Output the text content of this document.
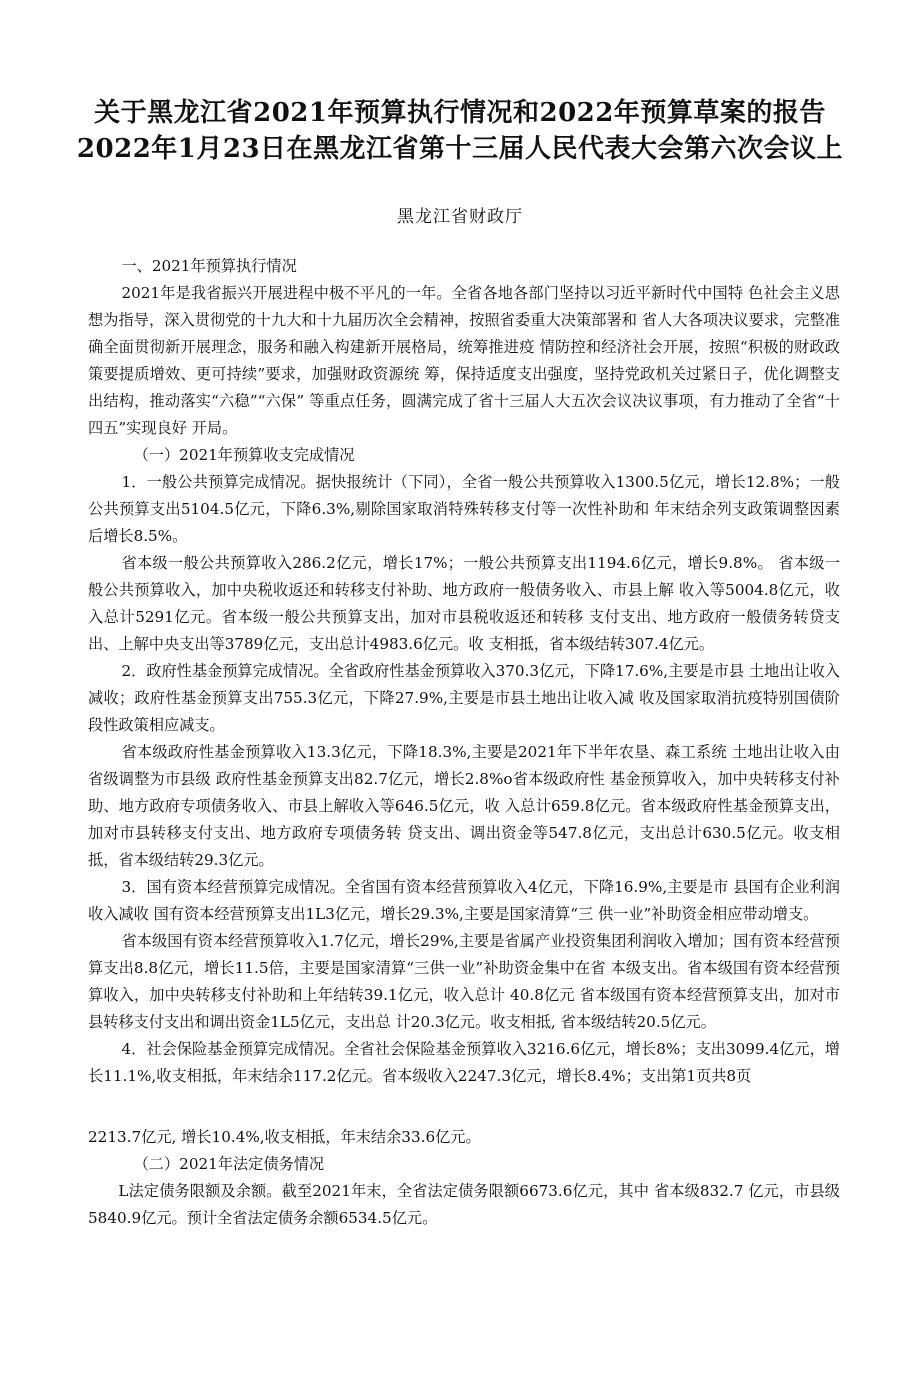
关于黑龙江省2021年预算执行情况和2022年预算草案的报告
2022年1月23日在黑龙江省第十三届人民代表大会第六次会议上
黑龙江省财政厅

一、2021年预算执行情况

2021年是我省振兴开展进程中极不平凡的一年。全省各地各部门坚持以习近平新时代中国特 色社会主义思想为指导，深入贯彻党的十九大和十九届历次全会精神，按照省委重大决策部署和 省人大各项决议要求，完整准确全面贯彻新开展理念，服务和融入构建新开展格局，统筹推进疫 情防控和经济社会开展，按照“积极的财政政策要提质增效、更可持续”要求，加强财政资源统 筹，保持适度支出强度，坚持党政机关过紧日子，优化调整支出结构，推动落实“六稳”“六保” 等重点任务，圆满完成了省十三届人大五次会议决议事项，有力推动了全省“十四五”实现良好 开局。

（一）2021年预算收支完成情况

1．一般公共预算完成情况。据快报统计（下同），全省一般公共预算收入1300.5亿元，增长12.8%；一般公共预算支出5104.5亿元，下降6.3%,剔除国家取消特殊转移支付等一次性补助和 年末结余列支政策调整因素后增长8.5%。

省本级一般公共预算收入286.2亿元，增长17%；一般公共预算支出1194.6亿元，增长9.8%。 省本级一般公共预算收入，加中央税收返还和转移支付补助、地方政府一般债务收入、市县上解 收入等5004.8亿元，收入总计5291亿元。省本级一般公共预算支出，加对市县税收返还和转移 支付支出、地方政府一般债务转贷支出、上解中央支出等3789亿元，支出总计4983.6亿元。收 支相抵，省本级结转307.4亿元。

2．政府性基金预算完成情况。全省政府性基金预算收入370.3亿元，下降17.6%,主要是市县 土地出让收入减收；政府性基金预算支出755.3亿元，下降27.9%,主要是市县土地出让收入减 收及国家取消抗疫特别国债阶段性政策相应减支。

省本级政府性基金预算收入13.3亿元，下降18.3%,主要是2021年下半年农垦、森工系统 土地出让收入由省级调整为市县级 政府性基金预算支出82.7亿元，增长2.8%o省本级政府性 基金预算收入，加中央转移支付补助、地方政府专项债务收入、市县上解收入等646.5亿元，收 入总计659.8亿元。省本级政府性基金预算支出，加对市县转移支付支出、地方政府专项债务转 贷支出、调出资金等547.8亿元，支出总计630.5亿元。收支相抵，省本级结转29.3亿元。

3．国有资本经营预算完成情况。全省国有资本经营预算收入4亿元，下降16.9%,主要是市 县国有企业利润收入减收 国有资本经营预算支出1L3亿元，增长29.3%,主要是国家清算“三 供一业”补助资金相应带动增支。

省本级国有资本经营预算收入1.7亿元，增长29%,主要是省属产业投资集团利润收入增加；国有资本经营预算支出8.8亿元，增长11.5倍，主要是国家清算“三供一业”补助资金集中在省 本级支出。省本级国有资本经营预算收入，加中央转移支付补助和上年结转39.1亿元，收入总计 40.8亿元 省本级国有资本经营预算支出，加对市县转移支付支出和调出资金1L5亿元，支出总 计20.3亿元。收支相抵, 省本级结转20.5亿元。

4．社会保险基金预算完成情况。全省社会保险基金预算收入3216.6亿元，增长8%；支出3099.4亿元，增长11.1%,收支相抵，年末结余117.2亿元。省本级收入2247.3亿元，增长8.4%；支出第1页共8页

2213.7亿元, 增长10.4%,收支相抵，年末结余33.6亿元。

（二）2021年法定债务情况

L法定债务限额及余额。截至2021年末，全省法定债务限额6673.6亿元，其中 省本级832.7 亿元，市县级5840.9亿元。预计全省法定债务余额6534.5亿元。
